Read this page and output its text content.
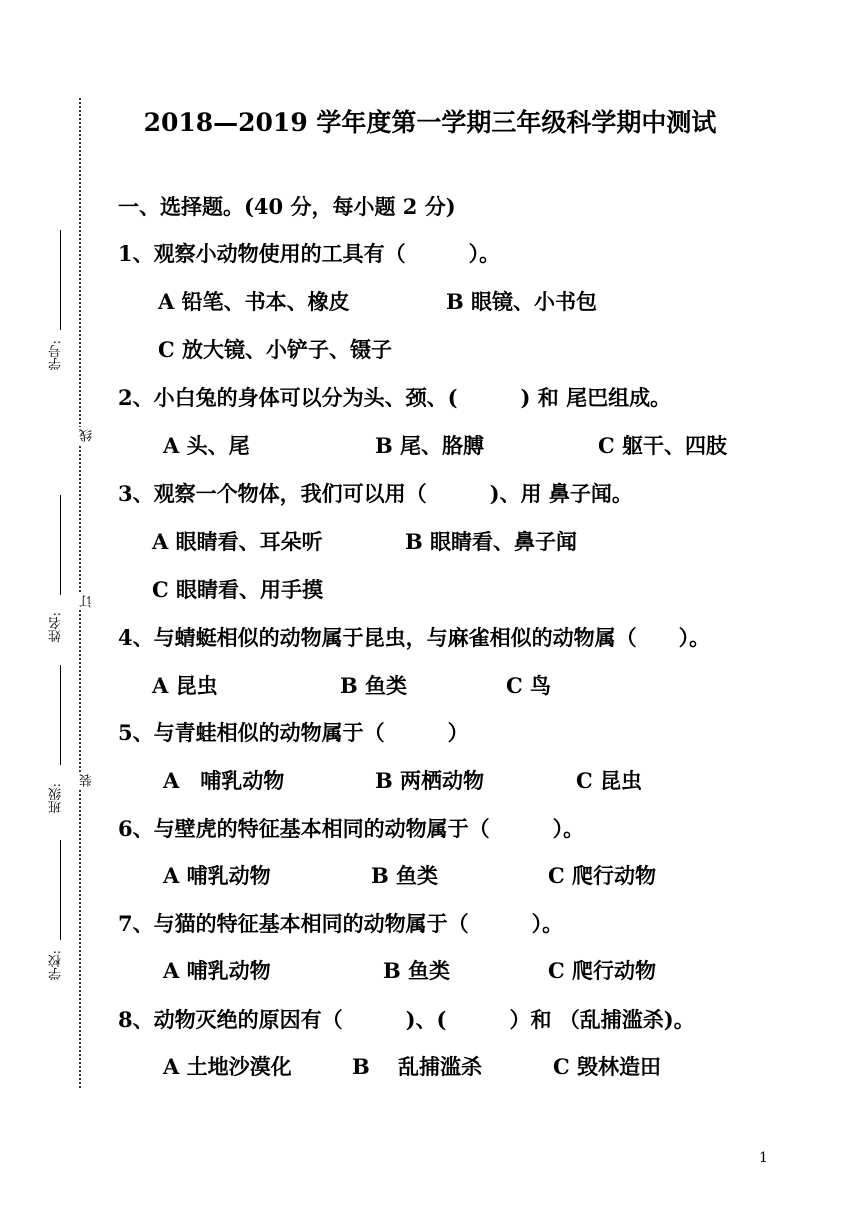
学号:
姓名:
班级:
学校:
线
订
装
2018—2019 学年度第一学期三年级科学期中测试
一、选择题。(40 分，每小题 2 分)
1、观察小动物使用的工具有（　　　）。
A 铅笔、书本、橡皮	B 眼镜、小书包
C 放大镜、小铲子、镊子
2、小白兔的身体可以分为头、颈、(　　　) 和 尾巴组成。
A 头、尾	B 尾、胳膊	C 躯干、四肢
3、观察一个物体，我们可以用（　　　)、用 鼻子闻。
A 眼睛看、耳朵听	B 眼睛看、鼻子闻
C 眼睛看、用手摸
4、与蜻蜓相似的动物属于昆虫，与麻雀相似的动物属（　　）。
A 昆虫	B 鱼类	C 鸟
5、与青蛙相似的动物属于（　　　）
A　哺乳动物	B 两栖动物	C 昆虫
6、与壁虎的特征基本相同的动物属于（　　　）。
A 哺乳动物	B 鱼类	C 爬行动物
7、与猫的特征基本相同的动物属于（　　　）。
A 哺乳动物	B 鱼类	C 爬行动物
8、动物灭绝的原因有（　　　)、(　　　）和 （乱捕滥杀)。
A 土地沙漠化	B　 乱捕滥杀	C 毁林造田
1
